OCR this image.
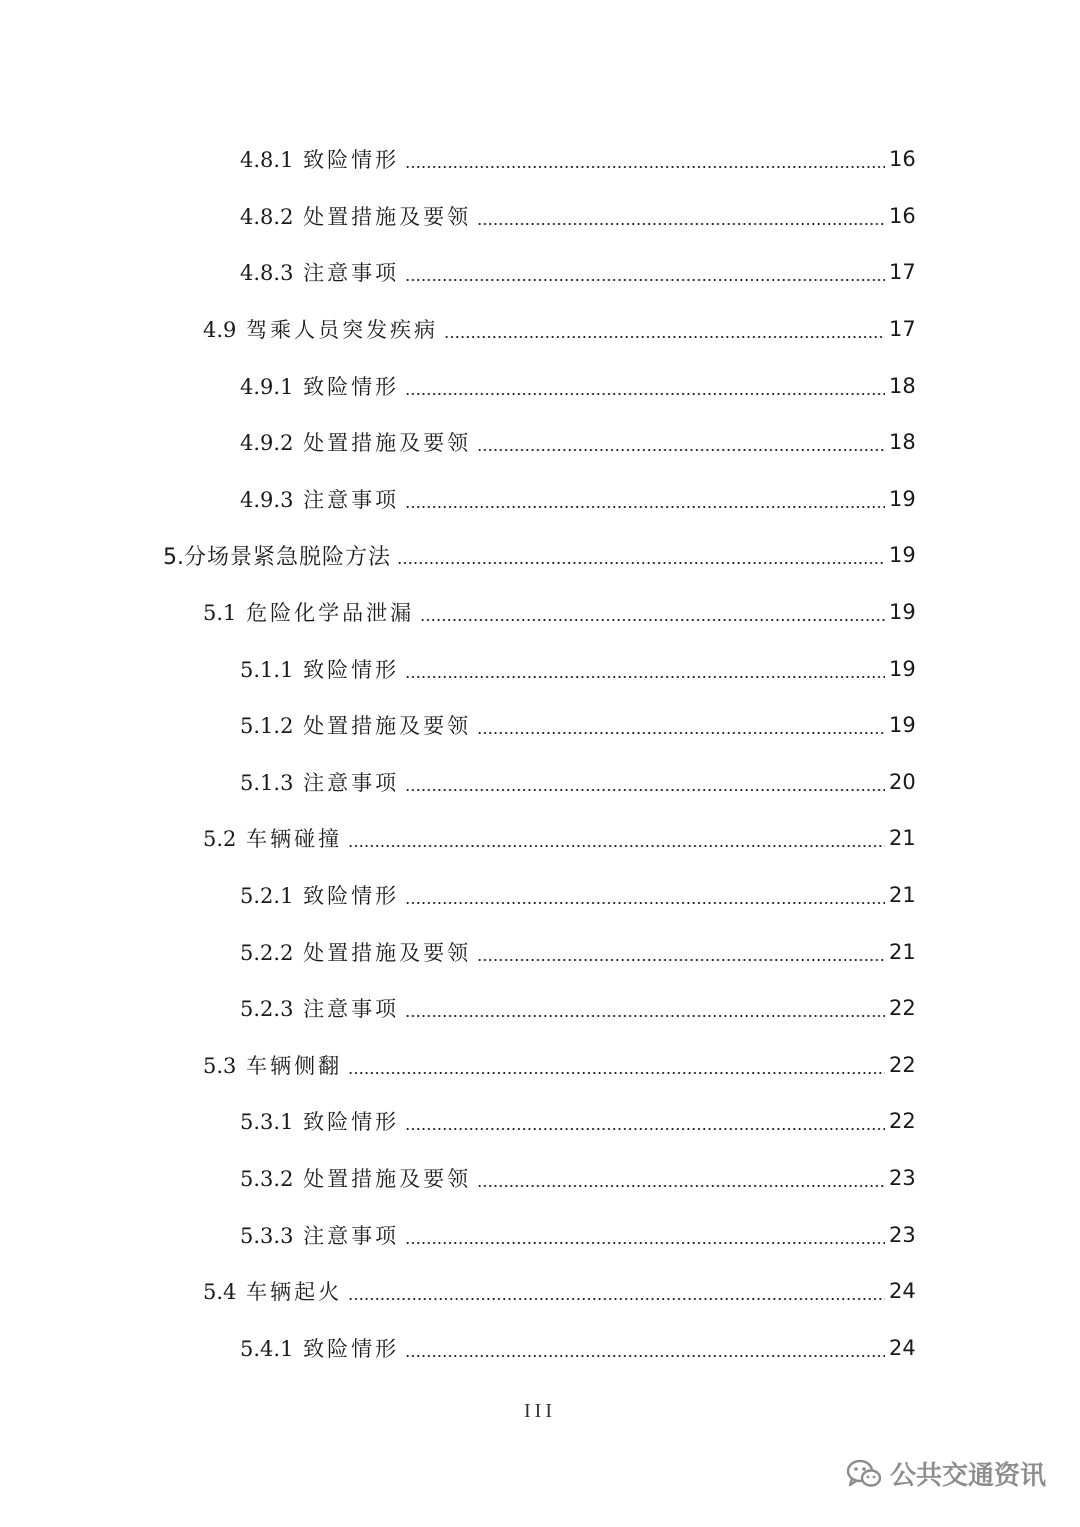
4.8.1 致险情形	16
4.8.2 处置措施及要领	16
4.8.3 注意事项	17
4.9 驾乘人员突发疾病	17
4.9.1 致险情形	18
4.9.2 处置措施及要领	18
4.9.3 注意事项	19
5.分场景紧急脱险方法	19
5.1 危险化学品泄漏	19
5.1.1 致险情形	19
5.1.2 处置措施及要领	19
5.1.3 注意事项	20
5.2 车辆碰撞	21
5.2.1 致险情形	21
5.2.2 处置措施及要领	21
5.2.3 注意事项	22
5.3 车辆侧翻	22
5.3.1 致险情形	22
5.3.2 处置措施及要领	23
5.3.3 注意事项	23
5.4 车辆起火	24
5.4.1 致险情形	24
III
公共交通资讯
